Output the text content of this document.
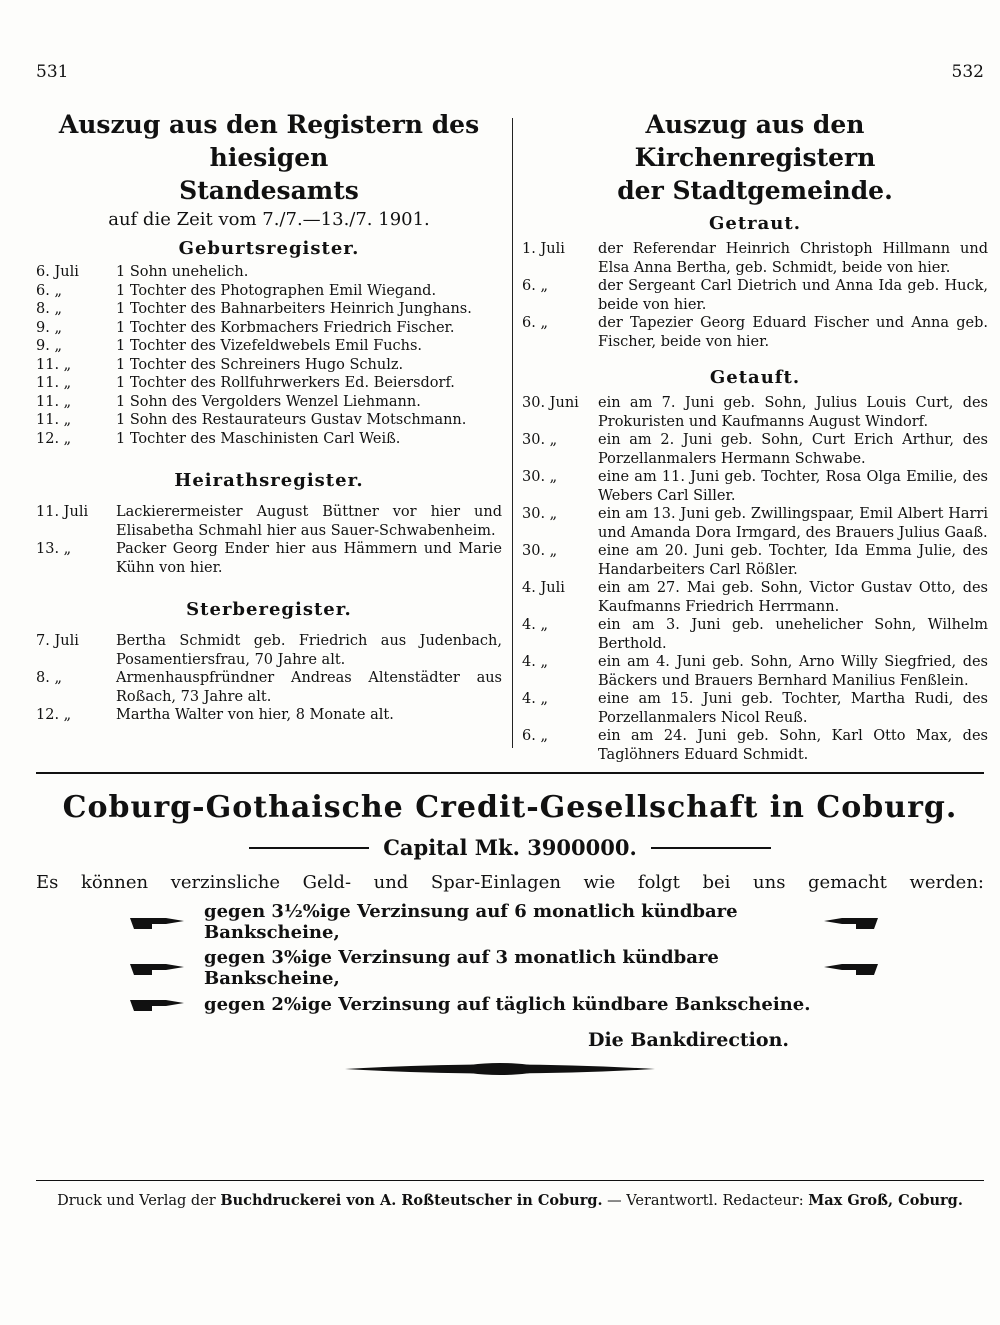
531	532
Auszug aus den Registern des hiesigen
Standesamts
auf die Zeit vom 7./7.—13./7. 1901.
Geburtsregister.
6. Juli	1 Sohn unehelich.
6. „	1 Tochter des Photographen Emil Wiegand.
8. „	1 Tochter des Bahnarbeiters Heinrich Junghans.
9. „	1 Tochter des Korbmachers Friedrich Fischer.
9. „	1 Tochter des Vizefeldwebels Emil Fuchs.
11. „	1 Tochter des Schreiners Hugo Schulz.
11. „	1 Tochter des Rollfuhrwerkers Ed. Beiersdorf.
11. „	1 Sohn des Vergolders Wenzel Liehmann.
11. „	1 Sohn des Restaurateurs Gustav Motschmann.
12. „	1 Tochter des Maschinisten Carl Weiß.
Heirathsregister.
11. Juli	Lackierermeister August Büttner vor hier und Elisabetha Schmahl hier aus Sauer-Schwabenheim.
13. „	Packer Georg Ender hier aus Hämmern und Marie Kühn von hier.
Sterberegister.
7. Juli	Bertha Schmidt geb. Friedrich aus Judenbach, Posamentiersfrau, 70 Jahre alt.
8. „	Armenhauspfründner Andreas Altenstädter aus Roßach, 73 Jahre alt.
12. „	Martha Walter von hier, 8 Monate alt.
Auszug aus den Kirchenregistern
der Stadtgemeinde.
Getraut.
1. Juli	der Referendar Heinrich Christoph Hillmann und Elsa Anna Bertha, geb. Schmidt, beide von hier.
6. „	der Sergeant Carl Dietrich und Anna Ida geb. Huck, beide von hier.
6. „	der Tapezier Georg Eduard Fischer und Anna geb. Fischer, beide von hier.
Getauft.
30. Juni	ein am 7. Juni geb. Sohn, Julius Louis Curt, des Prokuristen und Kaufmanns August Windorf.
30. „	ein am 2. Juni geb. Sohn, Curt Erich Arthur, des Porzellanmalers Hermann Schwabe.
30. „	eine am 11. Juni geb. Tochter, Rosa Olga Emilie, des Webers Carl Siller.
30. „	ein am 13. Juni geb. Zwillingspaar, Emil Albert Harri und Amanda Dora Irmgard, des Brauers Julius Gaaß.
30. „	eine am 20. Juni geb. Tochter, Ida Emma Julie, des Handarbeiters Carl Rößler.
4. Juli	ein am 27. Mai geb. Sohn, Victor Gustav Otto, des Kaufmanns Friedrich Herrmann.
4. „	ein am 3. Juni geb. unehelicher Sohn, Wilhelm Berthold.
4. „	ein am 4. Juni geb. Sohn, Arno Willy Siegfried, des Bäckers und Brauers Bernhard Manilius Fenßlein.
4. „	eine am 15. Juni geb. Tochter, Martha Rudi, des Porzellanmalers Nicol Reuß.
6. „	ein am 24. Juni geb. Sohn, Karl Otto Max, des Taglöhners Eduard Schmidt.
Coburg-Gothaische Credit-Gesellschaft in Coburg.
Capital Mk. 3900000.
Es können verzinsliche Geld- und Spar-Einlagen wie folgt bei uns gemacht werden:
gegen 3½%ige Verzinsung auf 6 monatlich kündbare Bankscheine,
gegen 3%ige Verzinsung auf 3 monatlich kündbare Bankscheine,
gegen 2%ige Verzinsung auf täglich kündbare Bankscheine.
Die Bankdirection.
Druck und Verlag der Buchdruckerei von A. Roßteutscher in Coburg. — Verantwortl. Redacteur: Max Groß, Coburg.
